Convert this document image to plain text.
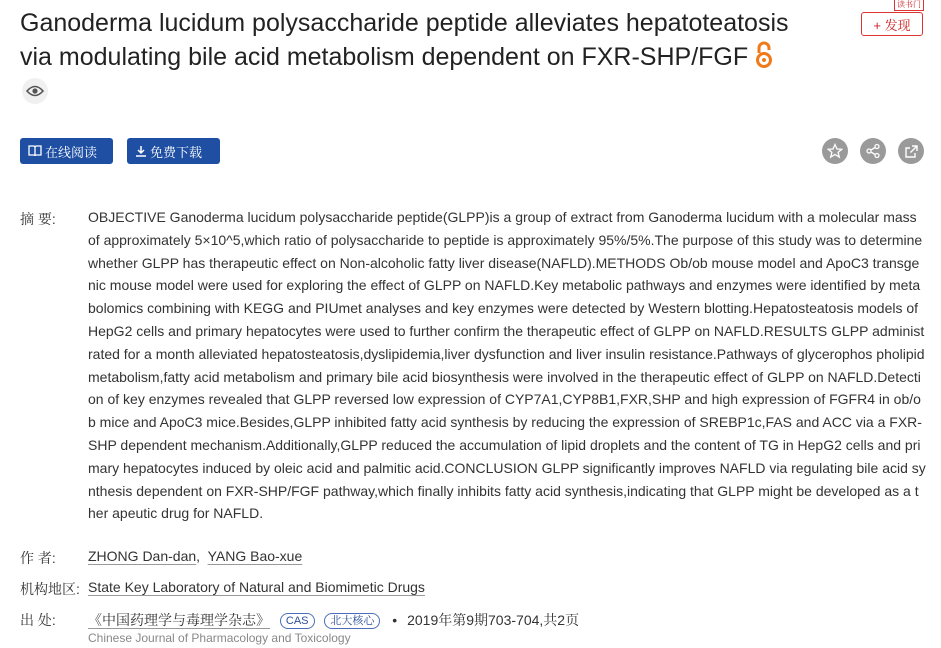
Ganoderma lucidum polysaccharide peptide alleviates hepatoteatosis via modulating bile acid metabolism dependent on FXR-SHP/FGF
+ 发现
读书门
在线阅读	免费下载
摘 要:	OBJECTIVE Ganoderma lucidum polysaccharide peptide(GLPP)is a group of extract from Ganoderma lucidum with a molecular mass of approximately 5×10^5,which ratio of polysaccharide to peptide is approximately 95%/5%.The purpose of this study was to determine whether GLPP has therapeutic effect on Non-alcoholic fatty liver disease(NAFLD).METHODS Ob/ob mouse model and ApoC3 transgenic mouse model were used for exploring the effect of GLPP on NAFLD.Key metabolic pathways and enzymes were identified by metabolomics combining with KEGG and PIUmet analyses and key enzymes were detected by Western blotting.Hepatosteatosis models of HepG2 cells and primary hepatocytes were used to further confirm the therapeutic effect of GLPP on NAFLD.RESULTS GLPP administrated for a month alleviated hepatosteatosis,dyslipidemia,liver dysfunction and liver insulin resistance.Pathways of glycerophos pholipid metabolism,fatty acid metabolism and primary bile acid biosynthesis were involved in the therapeutic effect of GLPP on NAFLD.Detection of key enzymes revealed that GLPP reversed low expression of CYP7A1,CYP8B1,FXR,SHP and high expression of FGFR4 in ob/ob mice and ApoC3 mice.Besides,GLPP inhibited fatty acid synthesis by reducing the expression of SREBP1c,FAS and ACC via a FXR-SHP dependent mechanism.Additionally,GLPP reduced the accumulation of lipid droplets and the content of TG in HepG2 cells and primary hepatocytes induced by oleic acid and palmitic acid.CONCLUSION GLPP significantly improves NAFLD via regulating bile acid synthesis dependent on FXR-SHP/FGF pathway,which finally inhibits fatty acid synthesis,indicating that GLPP might be developed as a ther apeutic drug for NAFLD.

作 者:	ZHONG Dan-dan, YANG Bao-xue
机构地区: State Key Laboratory of Natural and Biomimetic Drugs
出 处:	《中国药理学与毒理学杂志》 CAS 北大核心 • 2019年第9期703-704,共2页
Chinese Journal of Pharmacology and Toxicology
